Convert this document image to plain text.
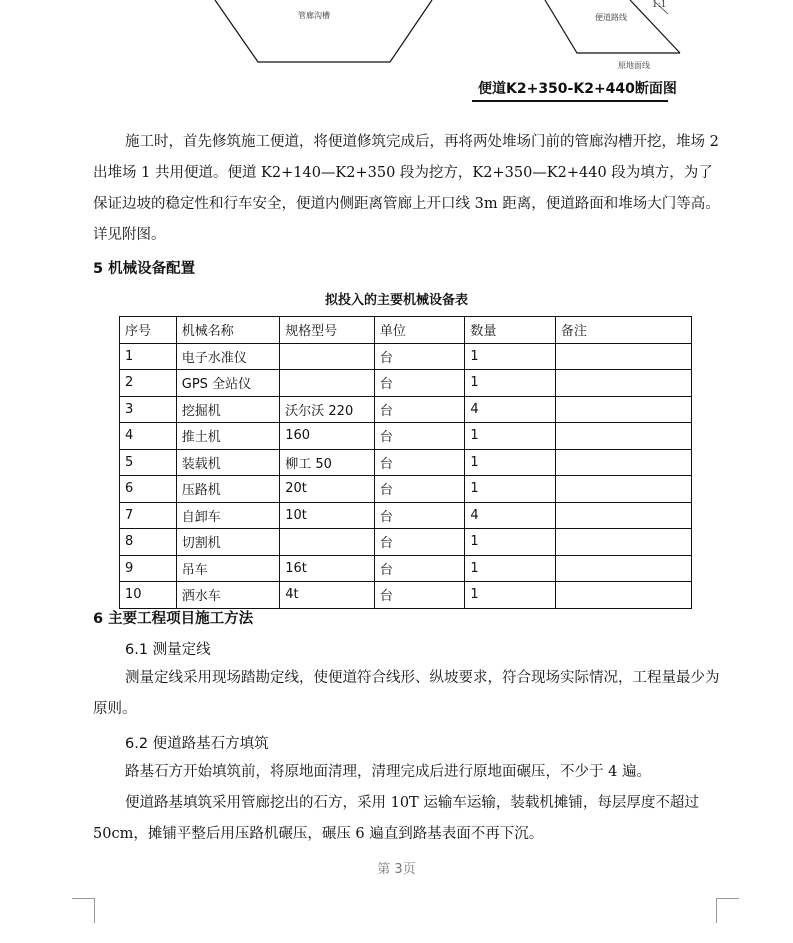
管廊沟槽	便道路线
原地面线
1:1
便道K2+350-K2+440断面图
施工时，首先修筑施工便道，将便道修筑完成后，再将两处堆场门前的管廊沟槽开挖，堆场 2 出堆场 1 共用便道。便道 K2+140—K2+350 段为挖方，K2+350—K2+440 段为填方，为了保证边坡的稳定性和行车安全，便道内侧距离管廊上开口线 3m 距离，便道路面和堆场大门等高。详见附图。
5 机械设备配置
拟投入的主要机械设备表
序号	机械名称	规格型号	单位	数量	备注
1	电子水准仪		台	1	
2	GPS 全站仪		台	1	
3	挖掘机	沃尔沃 220	台	4	
4	推土机	160	台	1	
5	装载机	柳工 50	台	1	
6	压路机	20t	台	1	
7	自卸车	10t	台	4	
8	切割机		台	1	
9	吊车	16t	台	1	
10	洒水车	4t	台	1	
6 主要工程项目施工方法
6.1 测量定线
测量定线采用现场踏勘定线，使便道符合线形、纵坡要求，符合现场实际情况，工程量最少为原则。
6.2 便道路基石方填筑
路基石方开始填筑前，将原地面清理，清理完成后进行原地面碾压，不少于 4 遍。
便道路基填筑采用管廊挖出的石方，采用 10T 运输车运输，装载机摊铺，每层厚度不超过 50cm，摊铺平整后用压路机碾压，碾压 6 遍直到路基表面不再下沉。
第 3页
